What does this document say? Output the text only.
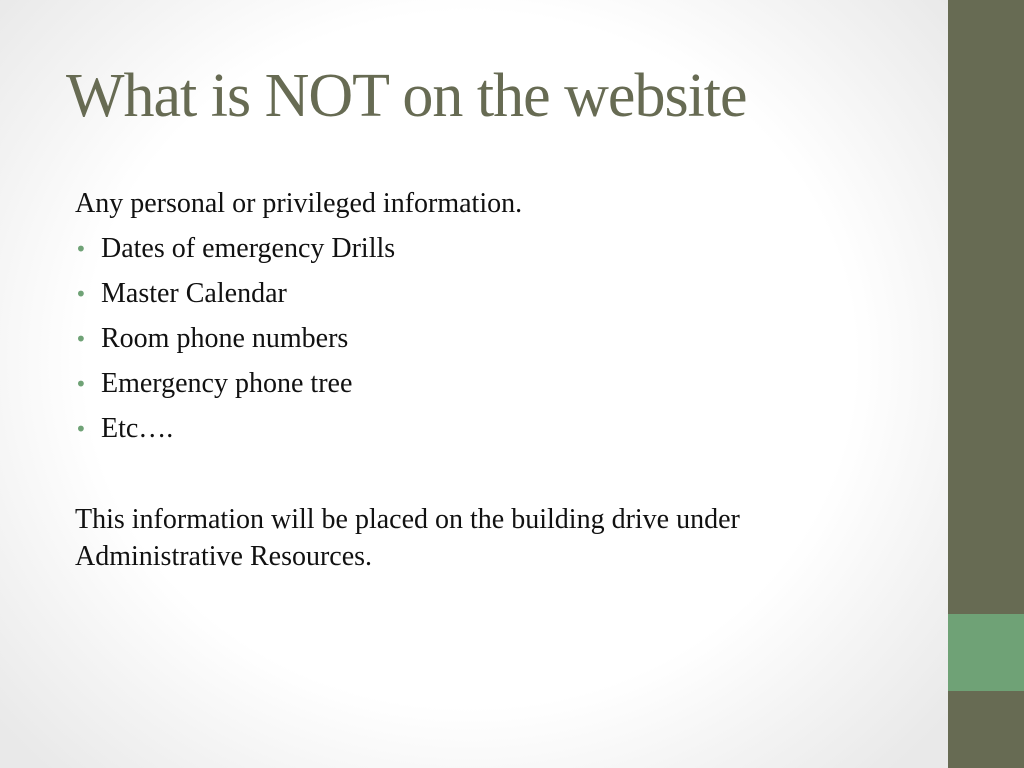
What is NOT on the website

Any personal or privileged information.

• Dates of emergency Drills
• Master Calendar
• Room phone numbers
• Emergency phone tree
• Etc….

This information will be placed on the building drive under
Administrative Resources.
